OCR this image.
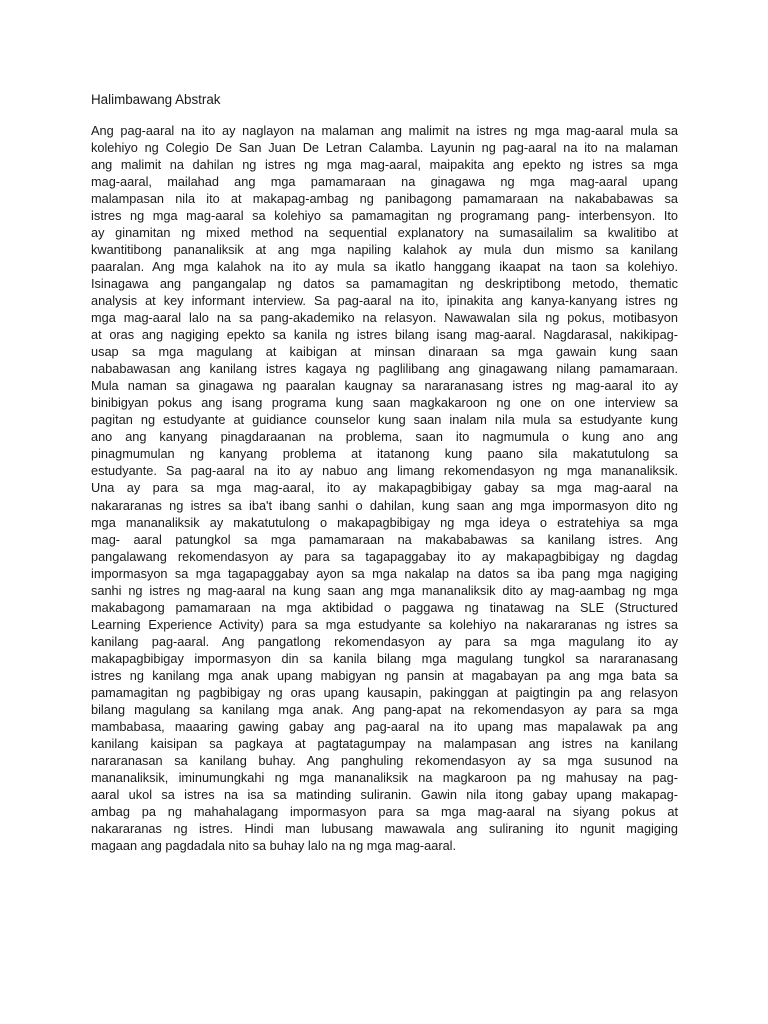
Halimbawang Abstrak
Ang pag-aaral na ito ay naglayon na malaman ang malimit na istres ng mga mag-aaral mula sa
kolehiyo ng Colegio De San Juan De Letran Calamba. Layunin ng pag-aaral na ito na malaman
ang malimit na dahilan ng istres ng mga mag-aaral, maipakita ang epekto ng istres sa mga
mag-aaral, mailahad ang mga pamamaraan na ginagawa ng mga mag-aaral upang
malampasan nila ito at makapag-ambag ng panibagong pamamaraan na nakababawas sa
istres ng mga mag-aaral sa kolehiyo sa pamamagitan ng programang pang- interbensyon. Ito
ay ginamitan ng mixed method na sequential explanatory na sumasailalim sa kwalitibo at
kwantitibong pananaliksik at ang mga napiling kalahok ay mula dun mismo sa kanilang
paaralan. Ang mga kalahok na ito ay mula sa ikatlo hanggang ikaapat na taon sa kolehiyo.
Isinagawa ang pangangalap ng datos sa pamamagitan ng deskriptibong metodo, thematic
analysis at key informant interview. Sa pag-aaral na ito, ipinakita ang kanya-kanyang istres ng
mga mag-aaral lalo na sa pang-akademiko na relasyon. Nawawalan sila ng pokus, motibasyon
at oras ang nagiging epekto sa kanila ng istres bilang isang mag-aaral. Nagdarasal, nakikipag-
usap sa mga magulang at kaibigan at minsan dinaraan sa mga gawain kung saan
nababawasan ang kanilang istres kagaya ng paglilibang ang ginagawang nilang pamamaraan.
Mula naman sa ginagawa ng paaralan kaugnay sa nararanasang istres ng mag-aaral ito ay
binibigyan pokus ang isang programa kung saan magkakaroon ng one on one interview sa
pagitan ng estudyante at guidiance counselor kung saan inalam nila mula sa estudyante kung
ano ang kanyang pinagdaraanan na problema, saan ito nagmumula o kung ano ang
pinagmumulan ng kanyang problema at itatanong kung paano sila makatutulong sa
estudyante. Sa pag-aaral na ito ay nabuo ang limang rekomendasyon ng mga mananaliksik.
Una ay para sa mga mag-aaral, ito ay makapagbibigay gabay sa mga mag-aaral na
nakararanas ng istres sa iba't ibang sanhi o dahilan, kung saan ang mga impormasyon dito ng
mga mananaliksik ay makatutulong o makapagbibigay ng mga ideya o estratehiya sa mga
mag- aaral patungkol sa mga pamamaraan na makababawas sa kanilang istres. Ang
pangalawang rekomendasyon ay para sa tagapaggabay ito ay makapagbibigay ng dagdag
impormasyon sa mga tagapaggabay ayon sa mga nakalap na datos sa iba pang mga nagiging
sanhi ng istres ng mag-aaral na kung saan ang mga mananaliksik dito ay mag-aambag ng mga
makabagong pamamaraan na mga aktibidad o paggawa ng tinatawag na SLE (Structured
Learning Experience Activity) para sa mga estudyante sa kolehiyo na nakararanas ng istres sa
kanilang pag-aaral. Ang pangatlong rekomendasyon ay para sa mga magulang ito ay
makapagbibigay impormasyon din sa kanila bilang mga magulang tungkol sa nararanasang
istres ng kanilang mga anak upang mabigyan ng pansin at magabayan pa ang mga bata sa
pamamagitan ng pagbibigay ng oras upang kausapin, pakinggan at paigtingin pa ang relasyon
bilang magulang sa kanilang mga anak. Ang pang-apat na rekomendasyon ay para sa mga
mambabasa, maaaring gawing gabay ang pag-aaral na ito upang mas mapalawak pa ang
kanilang kaisipan sa pagkaya at pagtatagumpay na malampasan ang istres na kanilang
nararanasan sa kanilang buhay. Ang panghuling rekomendasyon ay sa mga susunod na
mananaliksik, iminumungkahi ng mga mananaliksik na magkaroon pa ng mahusay na pag-
aaral ukol sa istres na isa sa matinding suliranin. Gawin nila itong gabay upang makapag-
ambag pa ng mahahalagang impormasyon para sa mga mag-aaral na siyang pokus at
nakararanas ng istres. Hindi man lubusang mawawala ang suliraning ito ngunit magiging
magaan ang pagdadala nito sa buhay lalo na ng mga mag-aaral.
